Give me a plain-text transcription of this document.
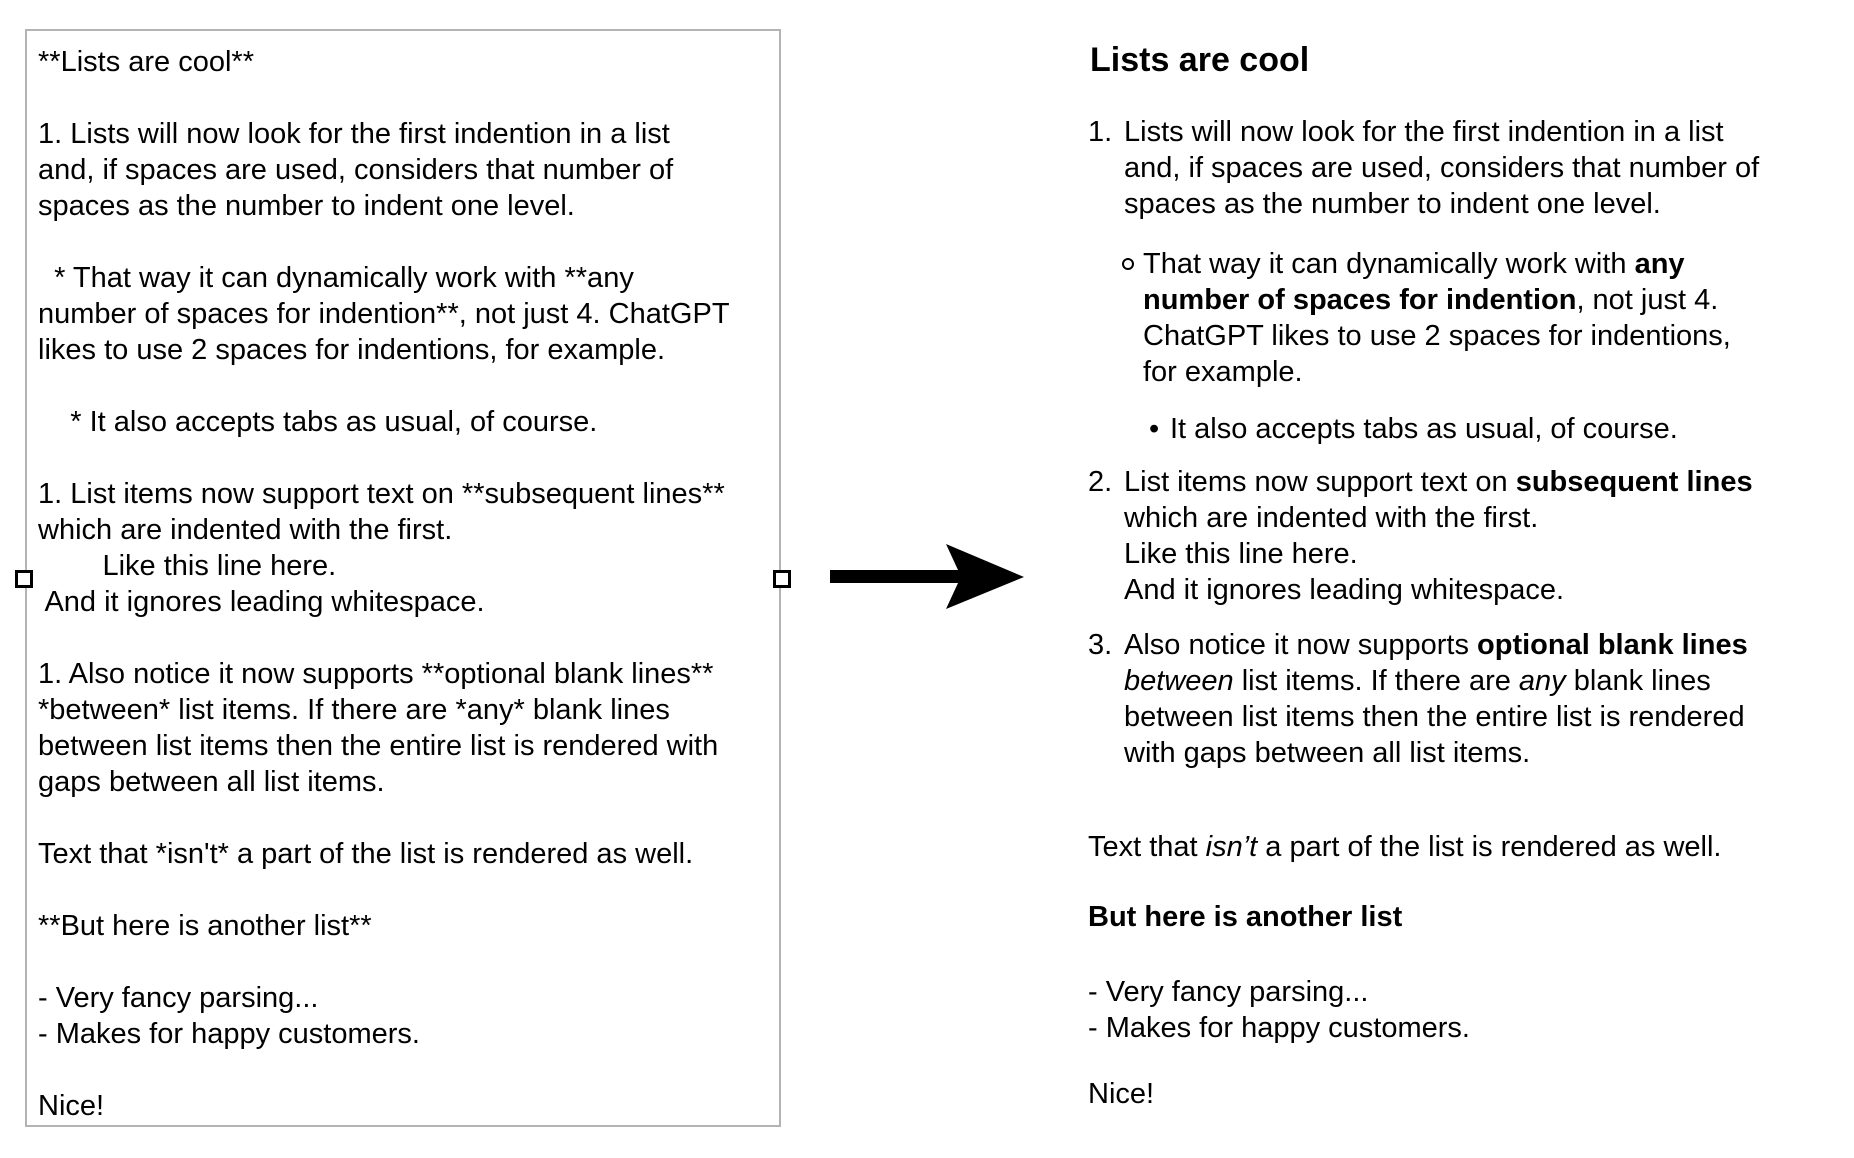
**Lists are cool**
1. Lists will now look for the first indention in a list
and, if spaces are used, considers that number of
spaces as the number to indent one level.
* That way it can dynamically work with **any
number of spaces for indention**, not just 4. ChatGPT
likes to use 2 spaces for indentions, for example.
* It also accepts tabs as usual, of course.
1. List items now support text on **subsequent lines**
which are indented with the first.
Like this line here.
And it ignores leading whitespace.
1. Also notice it now supports **optional blank lines**
*between* list items. If there are *any* blank lines
between list items then the entire list is rendered with
gaps between all list items.
Text that *isn't* a part of the list is rendered as well.
**But here is another list**
- Very fancy parsing...
- Makes for happy customers.
Nice!
Lists are cool
1. Lists will now look for the first indention in a list
and, if spaces are used, considers that number of
spaces as the number to indent one level.
That way it can dynamically work with any
number of spaces for indention, not just 4.
ChatGPT likes to use 2 spaces for indentions,
for example.
• It also accepts tabs as usual, of course.
2. List items now support text on subsequent lines
which are indented with the first.
Like this line here.
And it ignores leading whitespace.
3. Also notice it now supports optional blank lines
between list items. If there are any blank lines
between list items then the entire list is rendered
with gaps between all list items.
Text that isn’t a part of the list is rendered as well.
But here is another list
- Very fancy parsing...
- Makes for happy customers.
Nice!
